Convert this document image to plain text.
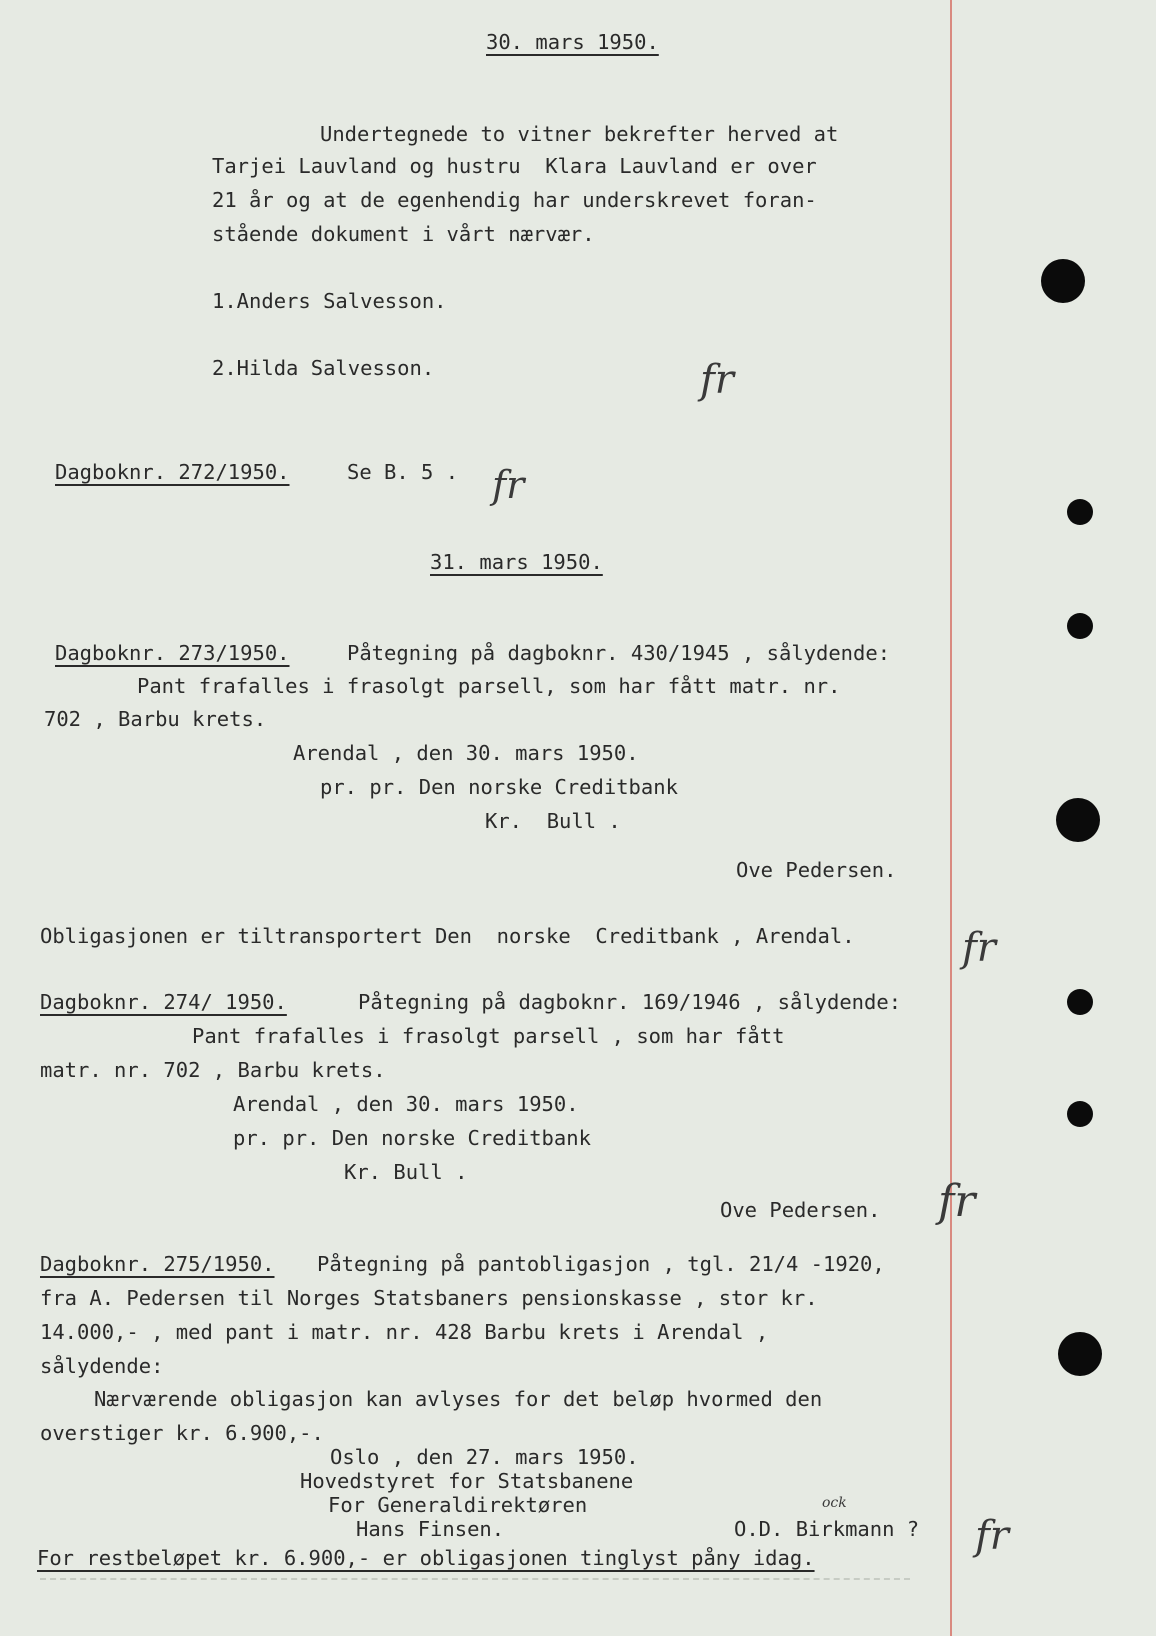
30. mars 1950.
Undertegnede to vitner bekrefter herved at
Tarjei Lauvland og hustru  Klara Lauvland er over
21 år og at de egenhendig har underskrevet foran-
stående dokument i vårt nærvær.
1.Anders Salvesson.
2.Hilda Salvesson.
Dagboknr. 272/1950.	Se B. 5 .
31. mars 1950.
Dagboknr. 273/1950.	Påtegning på dagboknr. 430/1945 , sålydende:
Pant frafalles i frasolgt parsell, som har fått matr. nr.
702 , Barbu krets.
Arendal , den 30. mars 1950.
pr. pr. Den norske Creditbank
Kr.  Bull .
Ove Pedersen.
Obligasjonen er tiltransportert Den  norske  Creditbank , Arendal.
Dagboknr. 274/ 1950.	Påtegning på dagboknr. 169/1946 , sålydende:
Pant frafalles i frasolgt parsell , som har fått
matr. nr. 702 , Barbu krets.
Arendal , den 30. mars 1950.
pr. pr. Den norske Creditbank
Kr. Bull .
Ove Pedersen.
Dagboknr. 275/1950. Påtegning på pantobligasjon , tgl. 21/4 -1920,
fra A. Pedersen til Norges Statsbaners pensionskasse , stor kr.
14.000,- , med pant i matr. nr. 428 Barbu krets i Arendal ,
sålydende:
Nærværende obligasjon kan avlyses for det beløp hvormed den
overstiger kr. 6.900,-.
Oslo , den 27. mars 1950.
Hovedstyret for Statsbanene
For Generaldirektøren
Hans Finsen.	O.D. Birkmann ?
For restbeløpet kr. 6.900,- er obligasjonen tinglyst påny idag.
fr
fr
fr
fr
ock
fr
